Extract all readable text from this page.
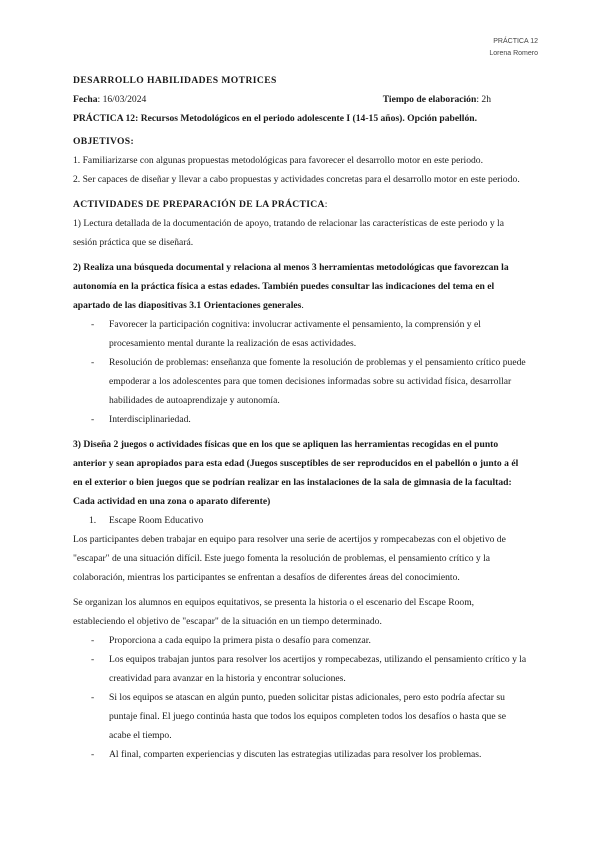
PRÁCTICA 12
Lorena Romero
DESARROLLO HABILIDADES MOTRICES
Fecha: 16/03/2024	Tiempo de elaboración: 2h

PRÁCTICA 12: Recursos Metodológicos en el periodo adolescente I (14-15 años). Opción pabellón.

OBJETIVOS:

1. Familiarizarse con algunas propuestas metodológicas para favorecer el desarrollo motor en este periodo.

2. Ser capaces de diseñar y llevar a cabo propuestas y actividades concretas para el desarrollo motor en este periodo.

ACTIVIDADES DE PREPARACIÓN DE LA PRÁCTICA:

1) Lectura detallada de la documentación de apoyo, tratando de relacionar las características de este periodo y la sesión práctica que se diseñará.

2) Realiza una búsqueda documental y relaciona al menos 3 herramientas metodológicas que favorezcan la autonomía en la práctica física a estas edades. También puedes consultar las indicaciones del tema en el apartado de las diapositivas 3.1 Orientaciones generales.

- Favorecer la participación cognitiva: involucrar activamente el pensamiento, la comprensión y el procesamiento mental durante la realización de esas actividades.
- Resolución de problemas: enseñanza que fomente la resolución de problemas y el pensamiento crítico puede empoderar a los adolescentes para que tomen decisiones informadas sobre su actividad física, desarrollar habilidades de autoaprendizaje y autonomía.
- Interdisciplinariedad.

3) Diseña 2 juegos o actividades físicas que en los que se apliquen las herramientas recogidas en el punto anterior y sean apropiados para esta edad (Juegos susceptibles de ser reproducidos en el pabellón o junto a él en el exterior o bien juegos que se podrían realizar en las instalaciones de la sala de gimnasia de la facultad: Cada actividad en una zona o aparato diferente)

1. Escape Room Educativo

Los participantes deben trabajar en equipo para resolver una serie de acertijos y rompecabezas con el objetivo de "escapar" de una situación difícil. Este juego fomenta la resolución de problemas, el pensamiento crítico y la colaboración, mientras los participantes se enfrentan a desafíos de diferentes áreas del conocimiento.

Se organizan los alumnos en equipos equitativos, se presenta la historia o el escenario del Escape Room, estableciendo el objetivo de "escapar" de la situación en un tiempo determinado.

- Proporciona a cada equipo la primera pista o desafío para comenzar.
- Los equipos trabajan juntos para resolver los acertijos y rompecabezas, utilizando el pensamiento crítico y la creatividad para avanzar en la historia y encontrar soluciones.
- Si los equipos se atascan en algún punto, pueden solicitar pistas adicionales, pero esto podría afectar su puntaje final. El juego continúa hasta que todos los equipos completen todos los desafíos o hasta que se acabe el tiempo.
- Al final, comparten experiencias y discuten las estrategias utilizadas para resolver los problemas.
